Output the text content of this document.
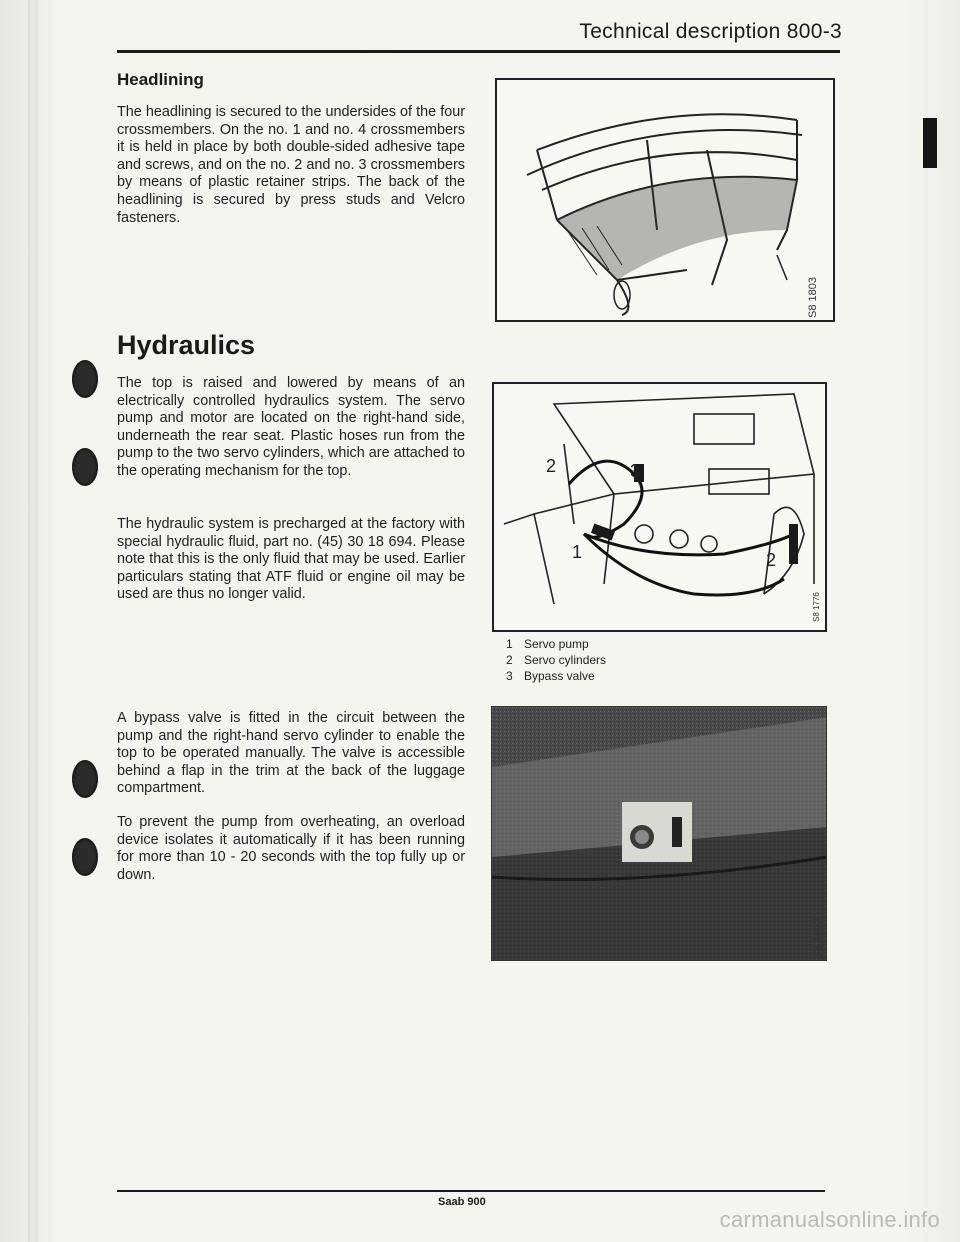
Technical description 800-3
Headlining
The headlining is secured to the undersides of the four crossmembers. On the no. 1 and no. 4 crossmembers it is held in place by both double-sided adhesive tape and screws, and on the no. 2 and no. 3 crossmembers by means of plastic retainer strips. The back of the headlining is secured by press studs and Velcro fasteners.
Hydraulics
The top is raised and lowered by means of an electrically controlled hydraulics system. The servo pump and motor are located on the right-hand side, underneath the rear seat. Plastic hoses run from the pump to the two servo cylinders, which are attached to the operating mechanism for the top.
The hydraulic system is precharged at the factory with special hydraulic fluid, part no. (45) 30 18 694. Please note that this is the only fluid that may be used. Earlier particulars stating that ATF fluid or engine oil may be used are thus no longer valid.
A bypass valve is fitted in the circuit between the pump and the right-hand servo cylinder to enable the top to be operated manually. The valve is accessible behind a flap in the trim at the back of the luggage compartment.
To prevent the pump from overheating, an overload device isolates it automatically if it has been running for more than 10 - 20 seconds with the top fully up or down.
S8 1803
2	3
1	2
S8 1776
1 Servo pump
2 Servo cylinders
3 Bypass valve
S8 1692
Saab 900
carmanualsonline.info
